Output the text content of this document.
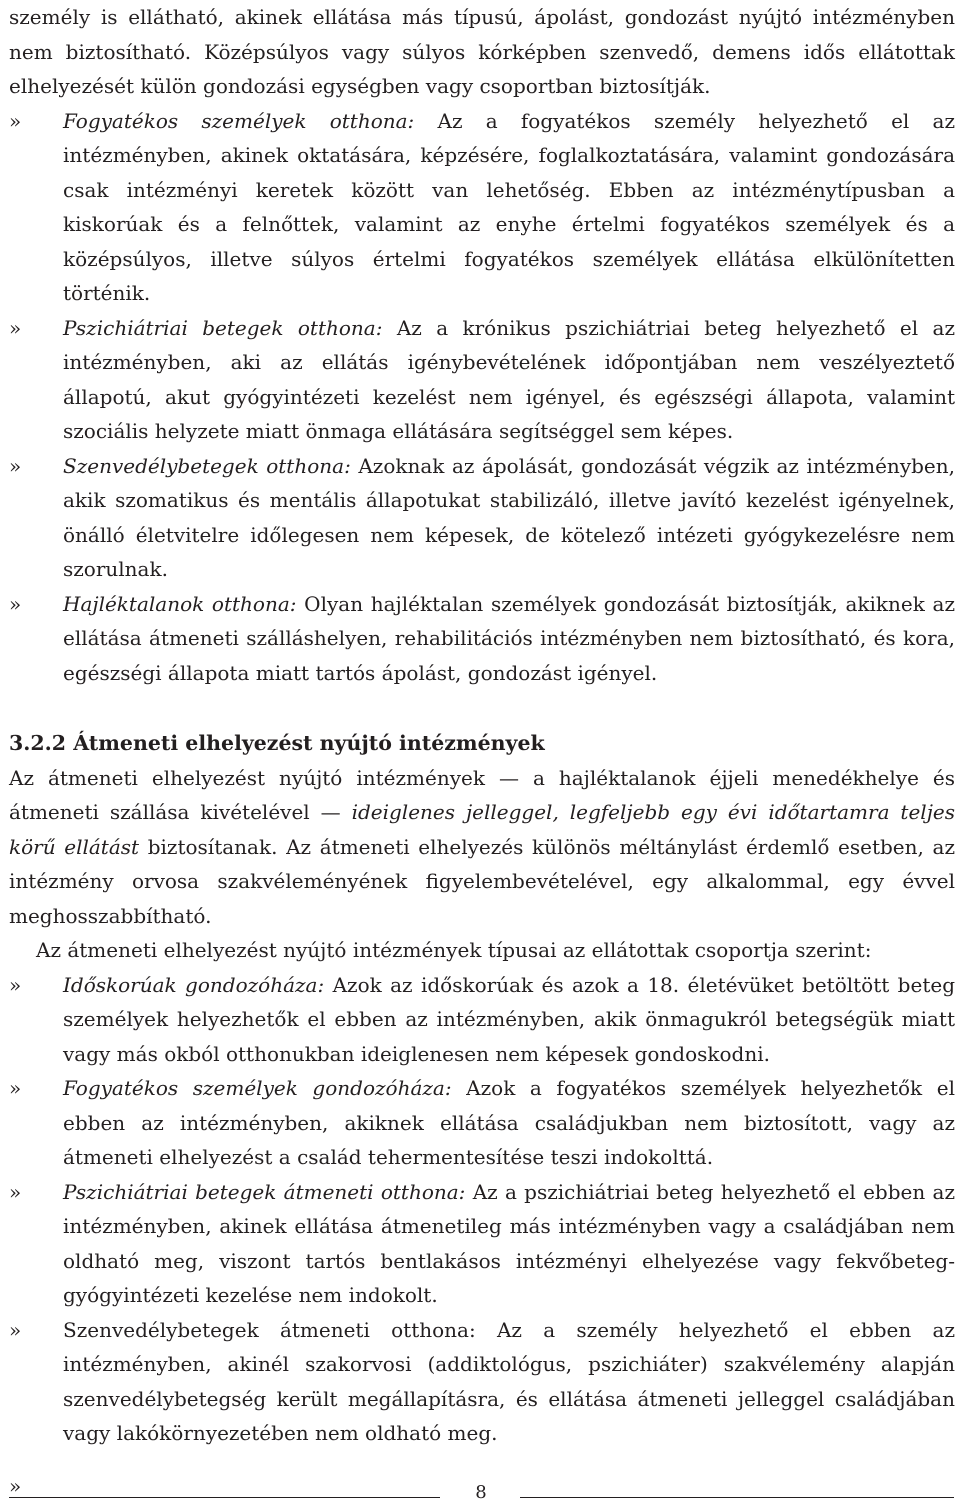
személy is ellátható, akinek ellátása más típusú, ápolást, gondozást nyújtó intézményben nem biztosítható. Középsúlyos vagy súlyos kórképben szenvedő, demens idős ellátottak elhelyezését külön gondozási egységben vagy csoportban biztosítják.

»	Fogyatékos személyek otthona: Az a fogyatékos személy helyezhető el az intézményben, akinek oktatására, képzésére, foglalkoztatására, valamint gondozására csak intézményi keretek között van lehetőség. Ebben az intézménytípusban a kiskorúak és a felnőttek, valamint az enyhe értelmi fogyatékos személyek és a középsúlyos, illetve súlyos értelmi fogyatékos személyek ellátása elkülönítetten történik.

»	Pszichiátriai betegek otthona: Az a krónikus pszichiátriai beteg helyezhető el az intézményben, aki az ellátás igénybevételének időpontjában nem veszélyeztető állapotú, akut gyógyintézeti kezelést nem igényel, és egészségi állapota, valamint szociális helyzete miatt önmaga ellátására segítséggel sem képes.

»	Szenvedélybetegek otthona: Azoknak az ápolását, gondozását végzik az intézményben, akik szomatikus és mentális állapotukat stabilizáló, illetve javító kezelést igényelnek, önálló életvitelre időlegesen nem képesek, de kötelező intézeti gyógykezelésre nem szorulnak.

»	Hajléktalanok otthona: Olyan hajléktalan személyek gondozását biztosítják, akiknek az ellátása átmeneti szálláshelyen, rehabilitációs intézményben nem biztosítható, és kora, egészségi állapota miatt tartós ápolást, gondozást igényel.

3.2.2 Átmeneti elhelyezést nyújtó intézmények

Az átmeneti elhelyezést nyújtó intézmények — a hajléktalanok éjjeli menedékhelye és átmeneti szállása kivételével — ideiglenes jelleggel, legfeljebb egy évi időtartamra teljes körű ellátást biztosítanak. Az átmeneti elhelyezés különös méltánylást érdemlő esetben, az intézmény orvosa szakvéleményének figyelembevételével, egy alkalommal, egy évvel meghosszabbítható.

Az átmeneti elhelyezést nyújtó intézmények típusai az ellátottak csoportja szerint:

»	Időskorúak gondozóháza: Azok az időskorúak és azok a 18. életévüket betöltött beteg személyek helyezhetők el ebben az intézményben, akik önmagukról betegségük miatt vagy más okból otthonukban ideiglenesen nem képesek gondoskodni.

»	Fogyatékos személyek gondozóháza: Azok a fogyatékos személyek helyezhetők el ebben az intézményben, akiknek ellátása családjukban nem biztosított, vagy az átmeneti elhelyezést a család tehermentesítése teszi indokolttá.

»	Pszichiátriai betegek átmeneti otthona: Az a pszichiátriai beteg helyezhető el ebben az intézményben, akinek ellátása átmenetileg más intézményben vagy a családjában nem oldható meg, viszont tartós bentlakásos intézményi elhelyezése vagy fekvőbeteg-gyógyintézeti kezelése nem indokolt.

»	Szenvedélybetegek átmeneti otthona: Az a személy helyezhető el ebben az intézményben, akinél szakorvosi (addiktológus, pszichiáter) szakvélemény alapján szenvedélybetegség került megállapításra, és ellátása átmeneti jelleggel családjában vagy lakókörnyezetében nem oldható meg.

»	8
